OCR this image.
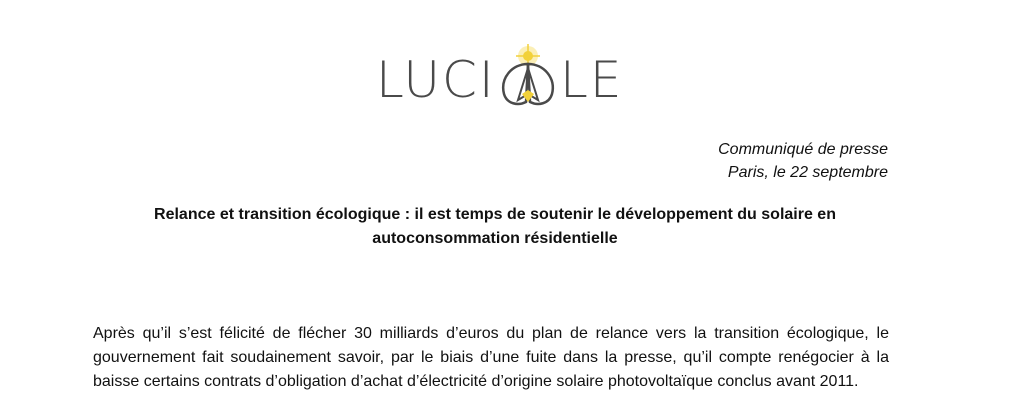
LUCI LE
Communiqué de presse
Paris, le 22 septembre
Relance et transition écologique : il est temps de soutenir le développement du solaire en autoconsommation résidentielle

Après qu’il s’est félicité de flécher 30 milliards d’euros du plan de relance vers la transition écologique, le gouvernement fait soudainement savoir, par le biais d’une fuite dans la presse, qu’il compte renégocier à la baisse certains contrats d’obligation d’achat d’électricité d’origine solaire photovoltaïque conclus avant 2011.
